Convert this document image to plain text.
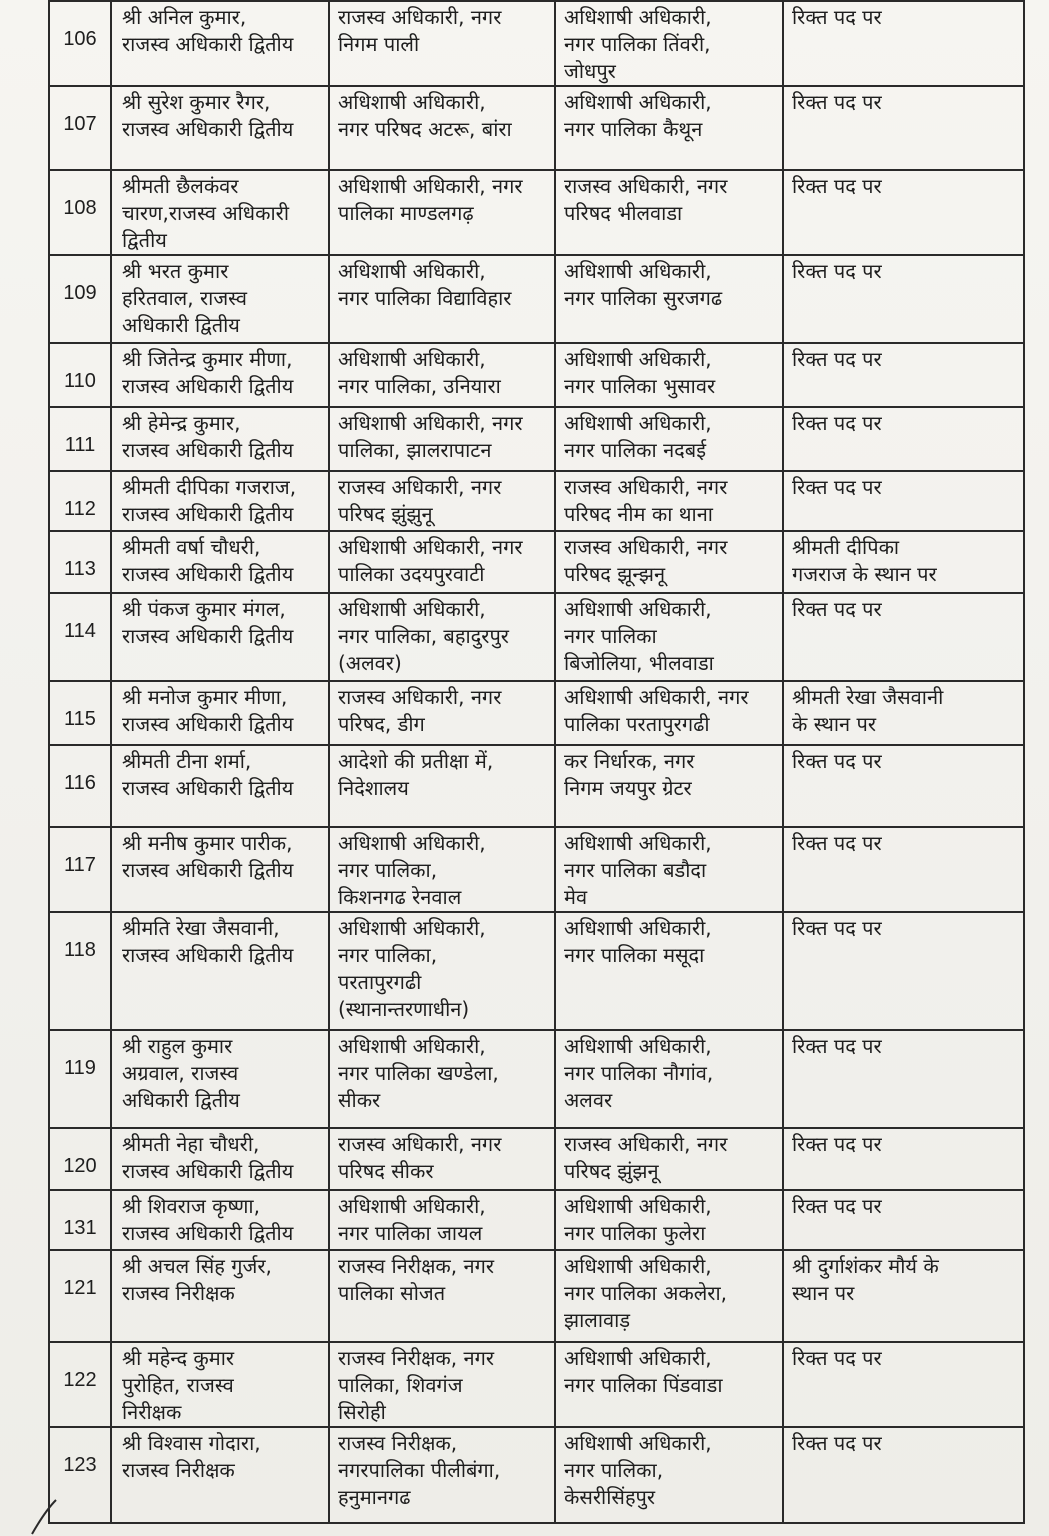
106	श्री अनिल कुमार,
राजस्व अधिकारी द्वितीय	राजस्व अधिकारी, नगर
निगम पाली	अधिशाषी अधिकारी,
नगर पालिका तिंवरी,
जोधपुर	रिक्त पद पर
107	श्री सुरेश कुमार रैगर,
राजस्व अधिकारी द्वितीय	अधिशाषी अधिकारी,
नगर परिषद अटरू, बांरा	अधिशाषी अधिकारी,
नगर पालिका कैथून	रिक्त पद पर
108	श्रीमती छैलकंवर
चारण,राजस्व अधिकारी
द्वितीय	अधिशाषी अधिकारी, नगर
पालिका माण्डलगढ़	राजस्व अधिकारी, नगर
परिषद भीलवाडा	रिक्त पद पर
109	श्री भरत कुमार
हरितवाल, राजस्व
अधिकारी द्वितीय	अधिशाषी अधिकारी,
नगर पालिका विद्याविहार	अधिशाषी अधिकारी,
नगर पालिका सुरजगढ	रिक्त पद पर
110	श्री जितेन्द्र कुमार मीणा,
राजस्व अधिकारी द्वितीय	अधिशाषी अधिकारी,
नगर पालिका, उनियारा	अधिशाषी अधिकारी,
नगर पालिका भुसावर	रिक्त पद पर
111	श्री हेमेन्द्र कुमार,
राजस्व अधिकारी द्वितीय	अधिशाषी अधिकारी, नगर
पालिका, झालरापाटन	अधिशाषी अधिकारी,
नगर पालिका नदबई	रिक्त पद पर
112	श्रीमती दीपिका गजराज,
राजस्व अधिकारी द्वितीय	राजस्व अधिकारी, नगर
परिषद झुंझुनू	राजस्व अधिकारी, नगर
परिषद नीम का थाना	रिक्त पद पर
113	श्रीमती वर्षा चौधरी,
राजस्व अधिकारी द्वितीय	अधिशाषी अधिकारी, नगर
पालिका उदयपुरवाटी	राजस्व अधिकारी, नगर
परिषद झून्झनू	श्रीमती दीपिका
गजराज के स्थान पर
114	श्री पंकज कुमार मंगल,
राजस्व अधिकारी द्वितीय	अधिशाषी अधिकारी,
नगर पालिका, बहादुरपुर
(अलवर)	अधिशाषी अधिकारी,
नगर पालिका
बिजोलिया, भीलवाडा	रिक्त पद पर
115	श्री मनोज कुमार मीणा,
राजस्व अधिकारी द्वितीय	राजस्व अधिकारी, नगर
परिषद, डीग	अधिशाषी अधिकारी, नगर
पालिका परतापुरगढी	श्रीमती रेखा जैसवानी
के स्थान पर
116	श्रीमती टीना शर्मा,
राजस्व अधिकारी द्वितीय	आदेशो की प्रतीक्षा में,
निदेशालय	कर निर्धारक, नगर
निगम जयपुर ग्रेटर	रिक्त पद पर
117	श्री मनीष कुमार पारीक,
राजस्व अधिकारी द्वितीय	अधिशाषी अधिकारी,
नगर पालिका,
किशनगढ रेनवाल	अधिशाषी अधिकारी,
नगर पालिका बडौदा
मेव	रिक्त पद पर
118	श्रीमति रेखा जैसवानी,
राजस्व अधिकारी द्वितीय	अधिशाषी अधिकारी,
नगर पालिका,
परतापुरगढी
(स्थानान्तरणाधीन)	अधिशाषी अधिकारी,
नगर पालिका मसूदा	रिक्त पद पर
119	श्री राहुल कुमार
अग्रवाल, राजस्व
अधिकारी द्वितीय	अधिशाषी अधिकारी,
नगर पालिका खण्डेला,
सीकर	अधिशाषी अधिकारी,
नगर पालिका नौगांव,
अलवर	रिक्त पद पर
120	श्रीमती नेहा चौधरी,
राजस्व अधिकारी द्वितीय	राजस्व अधिकारी, नगर
परिषद सीकर	राजस्व अधिकारी, नगर
परिषद झुंझनू	रिक्त पद पर
131	श्री शिवराज कृष्णा,
राजस्व अधिकारी द्वितीय	अधिशाषी अधिकारी,
नगर पालिका जायल	अधिशाषी अधिकारी,
नगर पालिका फुलेरा	रिक्त पद पर
121	श्री अचल सिंह गुर्जर,
राजस्व निरीक्षक	राजस्व निरीक्षक, नगर
पालिका सोजत	अधिशाषी अधिकारी,
नगर पालिका अकलेरा,
झालावाड़	श्री दुर्गाशंकर मौर्य के
स्थान पर
122	श्री महेन्द कुमार
पुरोहित, राजस्व
निरीक्षक	राजस्व निरीक्षक, नगर
पालिका, शिवगंज
सिरोही	अधिशाषी अधिकारी,
नगर पालिका पिंडवाडा	रिक्त पद पर
123	श्री विश्वास गोदारा,
राजस्व निरीक्षक	राजस्व निरीक्षक,
नगरपालिका पीलीबंगा,
हनुमानगढ	अधिशाषी अधिकारी,
नगर पालिका,
केसरीसिंहपुर	रिक्त पद पर
